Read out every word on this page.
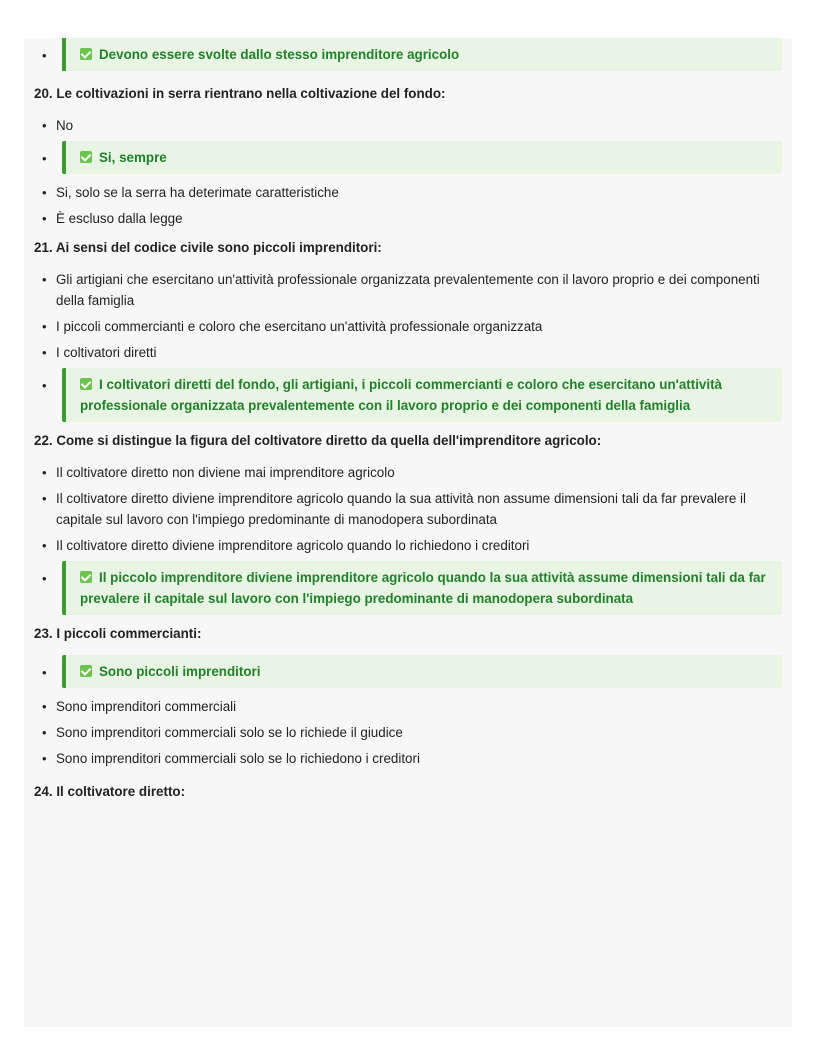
• Devono essere svolte dallo stesso imprenditore agricolo
20. Le coltivazioni in serra rientrano nella coltivazione del fondo:
• No
• Si, sempre
• Si, solo se la serra ha deterimate caratteristiche
• È escluso dalla legge
21. Ai sensi del codice civile sono piccoli imprenditori:
• Gli artigiani che esercitano un'attività professionale organizzata prevalentemente con il lavoro proprio e dei componenti della famiglia
• I piccoli commercianti e coloro che esercitano un'attività professionale organizzata
• I coltivatori diretti
• I coltivatori diretti del fondo, gli artigiani, i piccoli commercianti e coloro che esercitano un'attività professionale organizzata prevalentemente con il lavoro proprio e dei componenti della famiglia
22. Come si distingue la figura del coltivatore diretto da quella dell'imprenditore agricolo:
• Il coltivatore diretto non diviene mai imprenditore agricolo
• Il coltivatore diretto diviene imprenditore agricolo quando la sua attività non assume dimensioni tali da far prevalere il capitale sul lavoro con l'impiego predominante di manodopera subordinata
• Il coltivatore diretto diviene imprenditore agricolo quando lo richiedono i creditori
• Il piccolo imprenditore diviene imprenditore agricolo quando la sua attività assume dimensioni tali da far prevalere il capitale sul lavoro con l'impiego predominante di manodopera subordinata
23. I piccoli commercianti:
• Sono piccoli imprenditori
• Sono imprenditori commerciali
• Sono imprenditori commerciali solo se lo richiede il giudice
• Sono imprenditori commerciali solo se lo richiedono i creditori
24. Il coltivatore diretto:
